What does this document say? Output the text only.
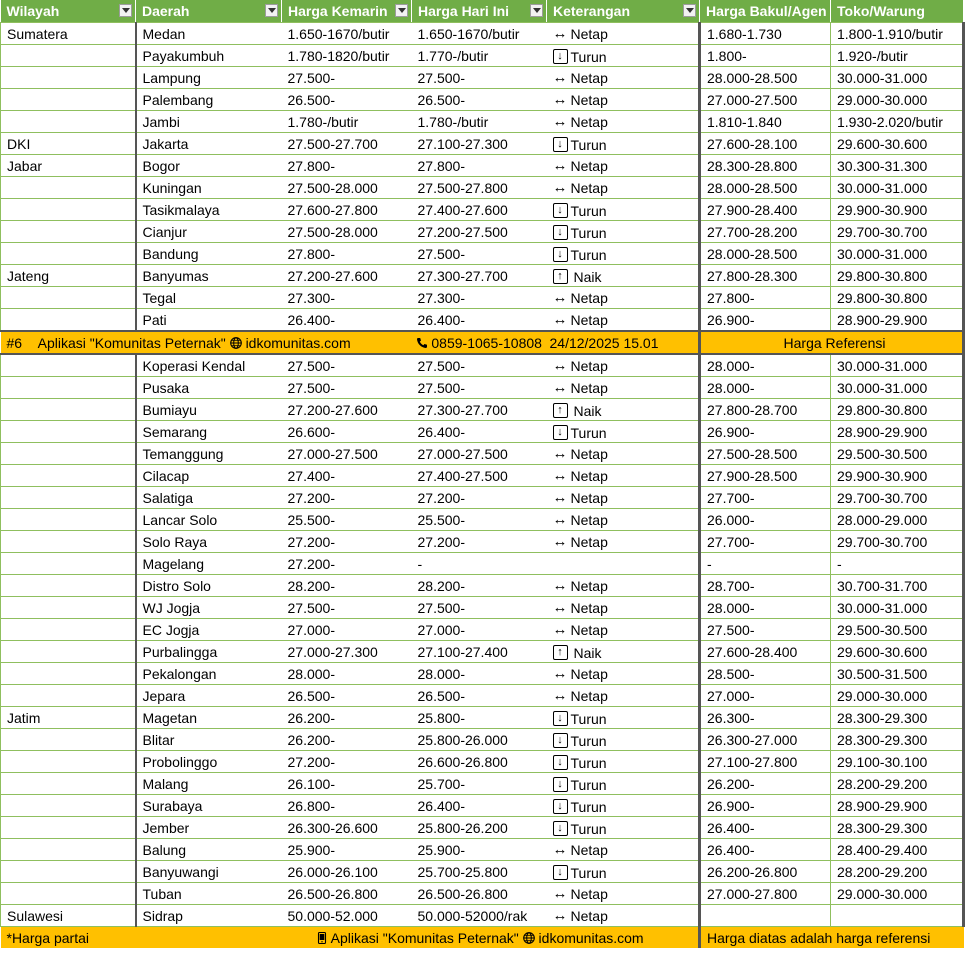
Wilayah	Daerah	Harga Kemarin	Harga Hari Ini	Keterangan	Harga Bakul/Agen	Toko/Warung
Sumatera	Medan	1.650-1670/butir	1.650-1670/butir	↔ Netap	1.680-1.730	1.800-1.910/butir
	Payakumbuh	1.780-1820/butir	1.770-/butir	↓ Turun	1.800-	1.920-/butir
	Lampung	27.500-	27.500-	↔ Netap	28.000-28.500	30.000-31.000
	Palembang	26.500-	26.500-	↔ Netap	27.000-27.500	29.000-30.000
	Jambi	1.780-/butir	1.780-/butir	↔ Netap	1.810-1.840	1.930-2.020/butir
DKI	Jakarta	27.500-27.700	27.100-27.300	↓ Turun	27.600-28.100	29.600-30.600
Jabar	Bogor	27.800-	27.800-	↔ Netap	28.300-28.800	30.300-31.300
	Kuningan	27.500-28.000	27.500-27.800	↔ Netap	28.000-28.500	30.000-31.000
	Tasikmalaya	27.600-27.800	27.400-27.600	↓ Turun	27.900-28.400	29.900-30.900
	Cianjur	27.500-28.000	27.200-27.500	↓ Turun	27.700-28.200	29.700-30.700
	Bandung	27.800-	27.500-	↓ Turun	28.000-28.500	30.000-31.000
Jateng	Banyumas	27.200-27.600	27.300-27.700	↑ Naik	27.800-28.300	29.800-30.800
	Tegal	27.300-	27.300-	↔ Netap	27.800-	29.800-30.800
	Pati	26.400-	26.400-	↔ Netap	26.900-	28.900-29.900
#6 Aplikasi "Komunitas Peternak" idkomunitas.com			0859-1065-10808	24/12/2025 15.01	Harga Referensi	
	Koperasi Kendal	27.500-	27.500-	↔ Netap	28.000-	30.000-31.000
	Pusaka	27.500-	27.500-	↔ Netap	28.000-	30.000-31.000
	Bumiayu	27.200-27.600	27.300-27.700	↑ Naik	27.800-28.700	29.800-30.800
	Semarang	26.600-	26.400-	↓ Turun	26.900-	28.900-29.900
	Temanggung	27.000-27.500	27.000-27.500	↔ Netap	27.500-28.500	29.500-30.500
	Cilacap	27.400-	27.400-27.500	↔ Netap	27.900-28.500	29.900-30.900
	Salatiga	27.200-	27.200-	↔ Netap	27.700-	29.700-30.700
	Lancar Solo	25.500-	25.500-	↔ Netap	26.000-	28.000-29.000
	Solo Raya	27.200-	27.200-	↔ Netap	27.700-	29.700-30.700
	Magelang	27.200-	-		-	-
	Distro Solo	28.200-	28.200-	↔ Netap	28.700-	30.700-31.700
	WJ Jogja	27.500-	27.500-	↔ Netap	28.000-	30.000-31.000
	EC Jogja	27.000-	27.000-	↔ Netap	27.500-	29.500-30.500
	Purbalingga	27.000-27.300	27.100-27.400	↑ Naik	27.600-28.400	29.600-30.600
	Pekalongan	28.000-	28.000-	↔ Netap	28.500-	30.500-31.500
	Jepara	26.500-	26.500-	↔ Netap	27.000-	29.000-30.000
Jatim	Magetan	26.200-	25.800-	↓ Turun	26.300-	28.300-29.300
	Blitar	26.200-	25.800-26.000	↓ Turun	26.300-27.000	28.300-29.300
	Probolinggo	27.200-	26.600-26.800	↓ Turun	27.100-27.800	29.100-30.100
	Malang	26.100-	25.700-	↓ Turun	26.200-	28.200-29.200
	Surabaya	26.800-	26.400-	↓ Turun	26.900-	28.900-29.900
	Jember	26.300-26.600	25.800-26.200	↓ Turun	26.400-	28.300-29.300
	Balung	25.900-	25.900-	↔ Netap	26.400-	28.400-29.400
	Banyuwangi	26.000-26.100	25.700-25.800	↓ Turun	26.200-26.800	28.200-29.200
	Tuban	26.500-26.800	26.500-26.800	↔ Netap	27.000-27.800	29.000-30.000
Sulawesi	Sidrap	50.000-52.000	50.000-52000/rak	↔ Netap		

*Harga partai		Aplikasi "Komunitas Peternak" idkomunitas.com			Harga diatas adalah harga referensi	
